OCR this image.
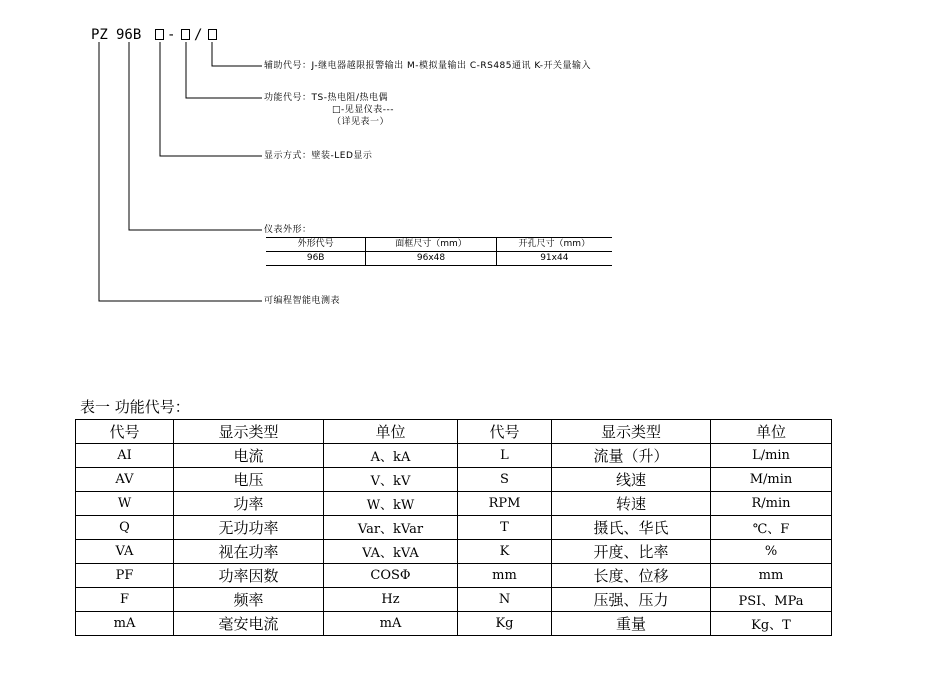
PZ 96B - /
辅助代号：J-继电器越限报警输出 M-模拟量输出 C-RS485通讯 K-开关量输入
功能代号：TS-热电阻/热电偶
□-见显仪表---
（详见表一）
显示方式：壁装-LED显示
仪表外形：
可编程智能电测表
外形代号	面框尺寸（mm）	开孔尺寸（mm）
96B	96x48	91x44
表一 功能代号：
代号	显示类型	单位	代号	显示类型	单位
AI	电流	A、kA	L	流量（升）	L/min
AV	电压	V、kV	S	线速	M/min
W	功率	W、kW	RPM	转速	R/min
Q	无功功率	Var、kVar	T	摄氏、华氏	℃、F
VA	视在功率	VA、kVA	K	开度、比率	%
PF	功率因数	COSΦ	mm	长度、位移	mm
F	频率	Hz	N	压强、压力	PSI、MPa
mA	毫安电流	mA	Kg	重量	Kg、T
